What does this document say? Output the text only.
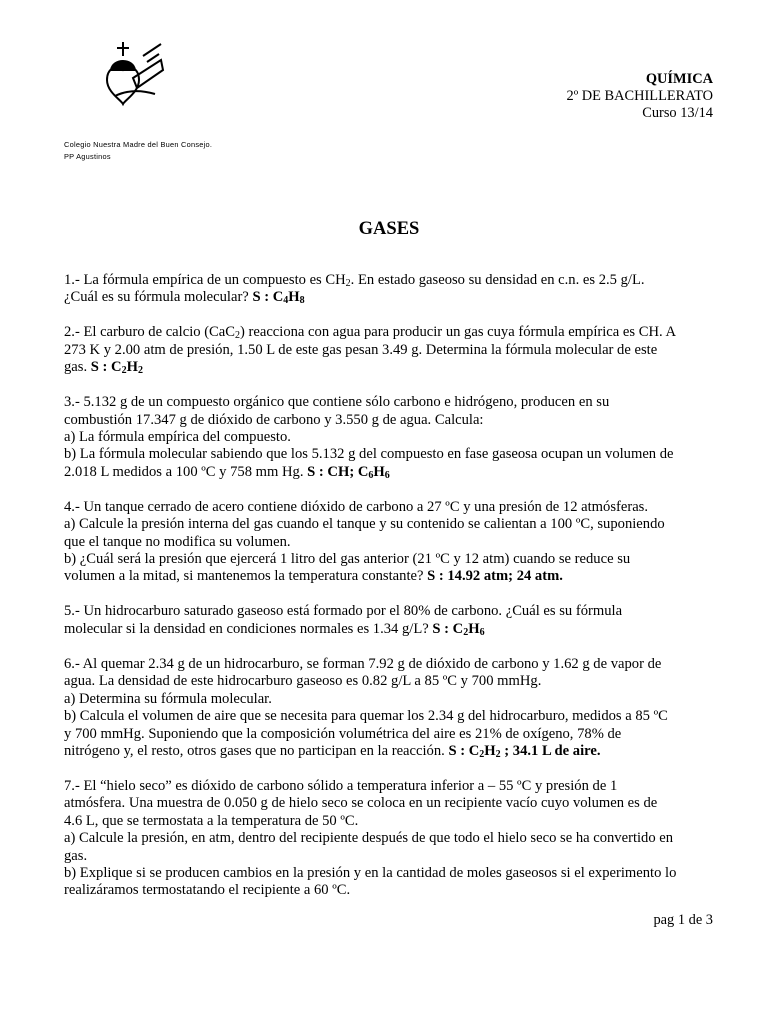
QUÍMICA
2º DE BACHILLERATO
Curso 13/14
Colegio Nuestra Madre del Buen Consejo.
PP Agustinos
GASES
1.- La fórmula empírica de un compuesto es $CH_2$. En estado gaseoso su densidad en c.n. es 2.5 g/L.
¿Cuál es su fórmula molecular? S : $C_4H_8$
2.- El carburo de calcio (CaC$_2$) reacciona con agua para producir un gas cuya fórmula empírica es CH. A
273 K y 2.00 atm de presión, 1.50 L de este gas pesan 3.49 g. Determina la fórmula molecular de este
gas. S : $C_2H_2$
3.- 5.132 g de un compuesto orgánico que contiene sólo carbono e hidrógeno, producen en su
combustión 17.347 g de dióxido de carbono y 3.550 g de agua. Calcula:
a) La fórmula empírica del compuesto.
b) La fórmula molecular sabiendo que los 5.132 g del compuesto en fase gaseosa ocupan un volumen de
2.018 L medidos a 100 ºC y 758 mm Hg. S : CH; $C_6H_6$
4.- Un tanque cerrado de acero contiene dióxido de carbono a 27 ºC y una presión de 12 atmósferas.
a) Calcule la presión interna del gas cuando el tanque y su contenido se calientan a 100 ºC, suponiendo
que el tanque no modifica su volumen.
b) ¿Cuál será la presión que ejercerá 1 litro del gas anterior (21 ºC y 12 atm) cuando se reduce su
volumen a la mitad, si mantenemos la temperatura constante? S : 14.92 atm; 24 atm.
5.- Un hidrocarburo saturado gaseoso está formado por el 80% de carbono. ¿Cuál es su fórmula
molecular si la densidad en condiciones normales es 1.34 g/L? S : $C_2H_6$
6.- Al quemar 2.34 g de un hidrocarburo, se forman 7.92 g de dióxido de carbono y 1.62 g de vapor de
agua. La densidad de este hidrocarburo gaseoso es 0.82 g/L a 85 ºC y 700 mmHg.
a) Determina su fórmula molecular.
b) Calcula el volumen de aire que se necesita para quemar los 2.34 g del hidrocarburo, medidos a 85 ºC
y 700 mmHg. Suponiendo que la composición volumétrica del aire es 21% de oxígeno, 78% de
nitrógeno y, el resto, otros gases que no participan en la reacción. S : $C_2H_2$ ; 34.1 L de aire.
7.- El “hielo seco” es dióxido de carbono sólido a temperatura inferior a – 55 ºC y presión de 1
atmósfera. Una muestra de 0.050 g de hielo seco se coloca en un recipiente vacío cuyo volumen es de
4.6 L, que se termostata a la temperatura de 50 ºC.
a) Calcule la presión, en atm, dentro del recipiente después de que todo el hielo seco se ha convertido en
gas.
b) Explique si se producen cambios en la presión y en la cantidad de moles gaseosos si el experimento lo
realizáramos termostatando el recipiente a 60 ºC.
pag 1 de 3
